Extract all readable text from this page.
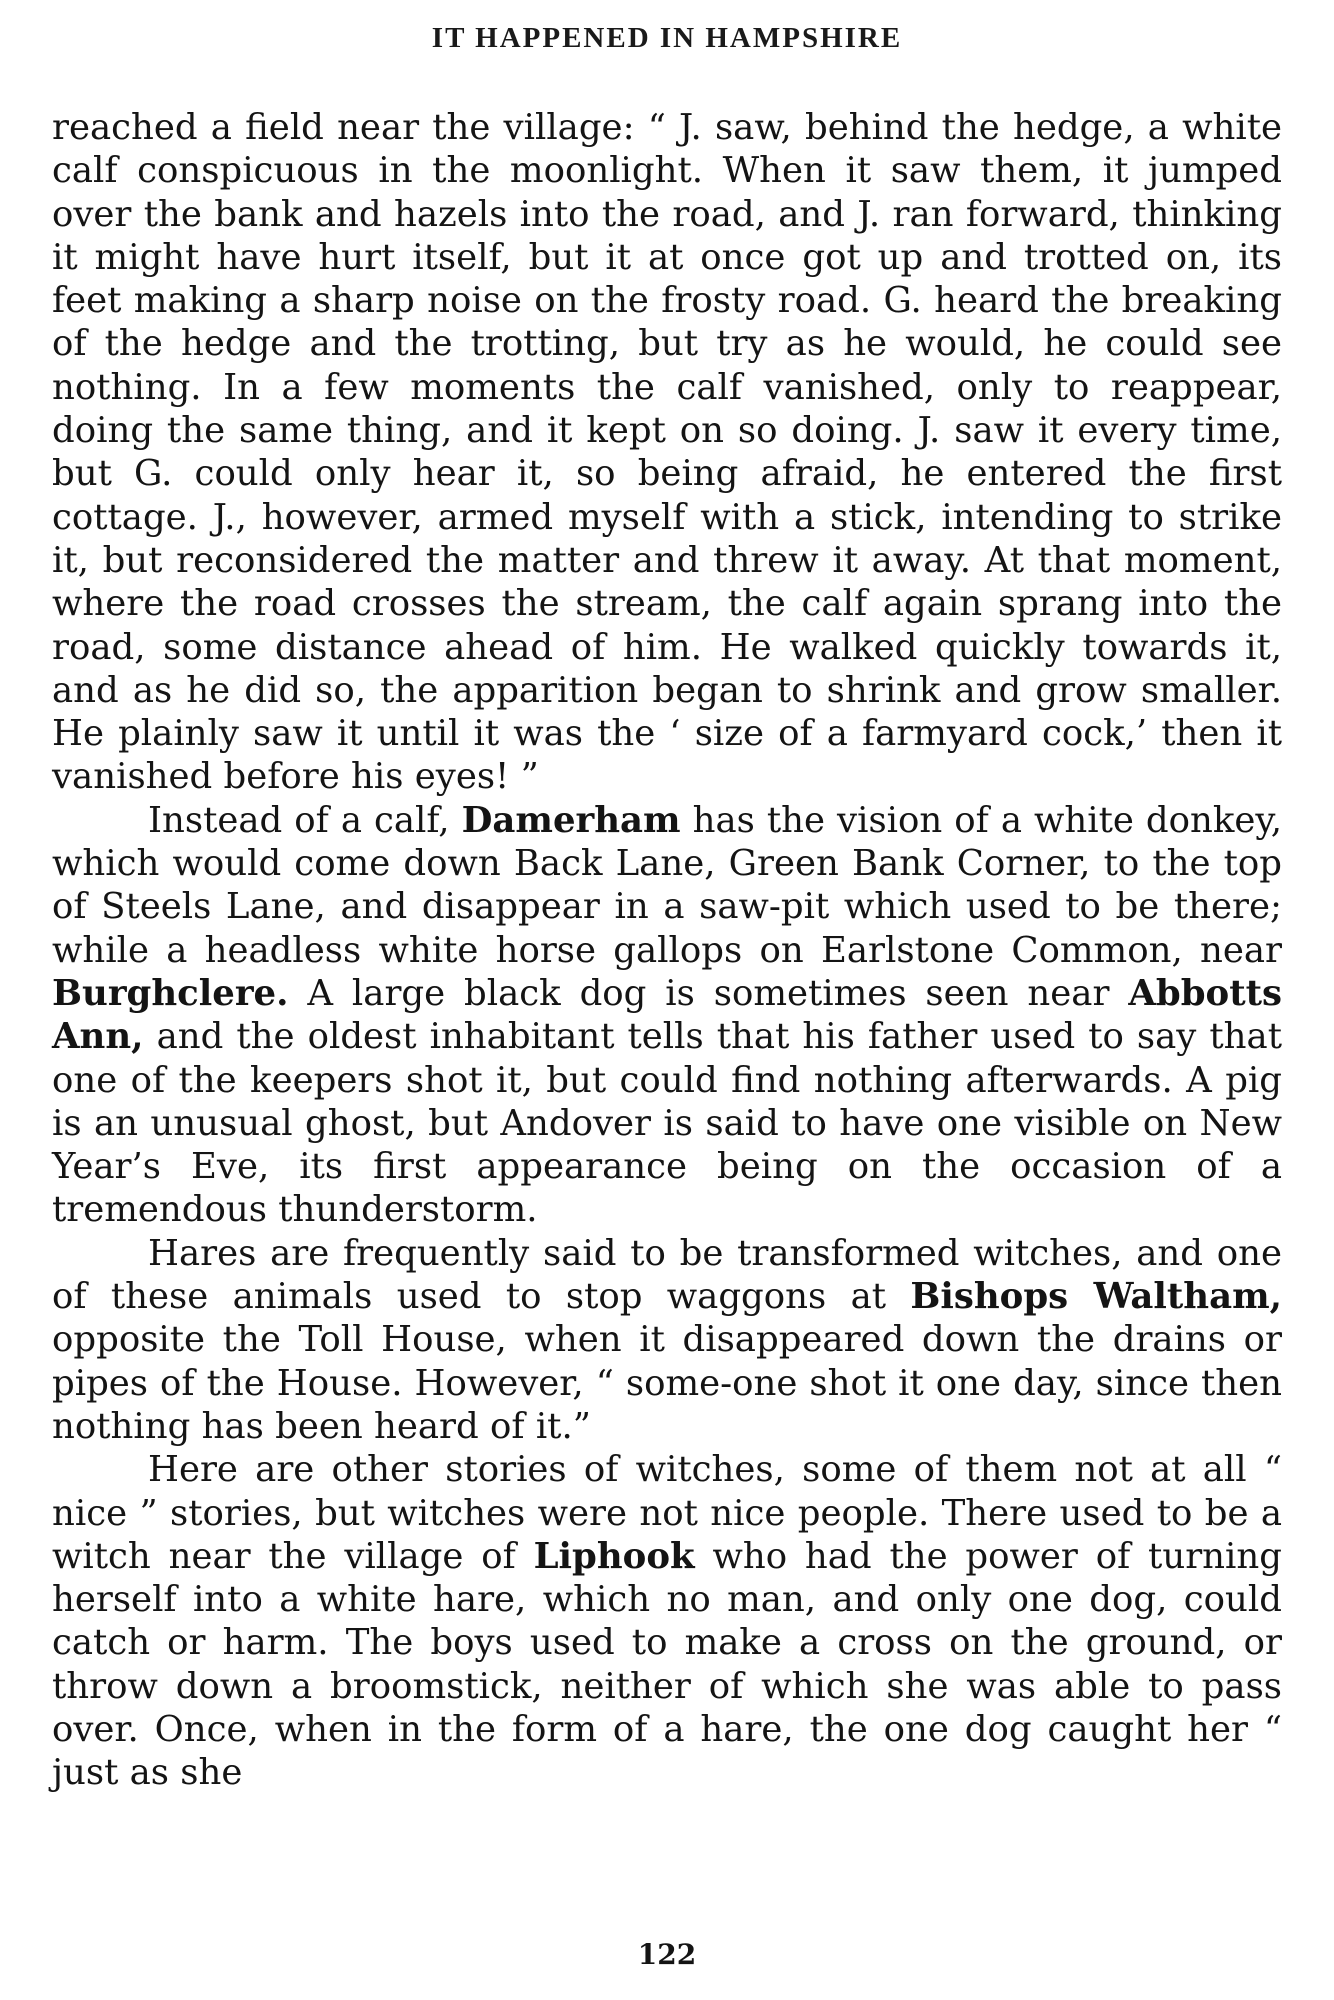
IT HAPPENED IN HAMPSHIRE

reached a field near the village: “ J. saw, behind the hedge, a white calf conspicuous in the moonlight. When it saw them, it jumped over the bank and hazels into the road, and J. ran forward, thinking it might have hurt itself, but it at once got up and trotted on, its feet making a sharp noise on the frosty road. G. heard the breaking of the hedge and the trotting, but try as he would, he could see nothing. In a few moments the calf vanished, only to reappear, doing the same thing, and it kept on so doing. J. saw it every time, but G. could only hear it, so being afraid, he entered the first cottage. J., however, armed myself with a stick, intending to strike it, but reconsidered the matter and threw it away. At that moment, where the road crosses the stream, the calf again sprang into the road, some distance ahead of him. He walked quickly towards it, and as he did so, the apparition began to shrink and grow smaller. He plainly saw it until it was the ‘ size of a farmyard cock,’ then it vanished before his eyes! ”

Instead of a calf, Damerham has the vision of a white donkey, which would come down Back Lane, Green Bank Corner, to the top of Steels Lane, and disappear in a saw-pit which used to be there; while a headless white horse gallops on Earlstone Common, near Burghclere. A large black dog is sometimes seen near Abbotts Ann, and the oldest inhabitant tells that his father used to say that one of the keepers shot it, but could find nothing afterwards. A pig is an unusual ghost, but Andover is said to have one visible on New Year’s Eve, its first appearance being on the occasion of a tremendous thunderstorm.

Hares are frequently said to be transformed witches, and one of these animals used to stop waggons at Bishops Waltham, opposite the Toll House, when it disappeared down the drains or pipes of the House. However, “ some-one shot it one day, since then nothing has been heard of it.”

Here are other stories of witches, some of them not at all “ nice ” stories, but witches were not nice people. There used to be a witch near the village of Liphook who had the power of turning herself into a white hare, which no man, and only one dog, could catch or harm. The boys used to make a cross on the ground, or throw down a broomstick, neither of which she was able to pass over. Once, when in the form of a hare, the one dog caught her “ just as she

122
